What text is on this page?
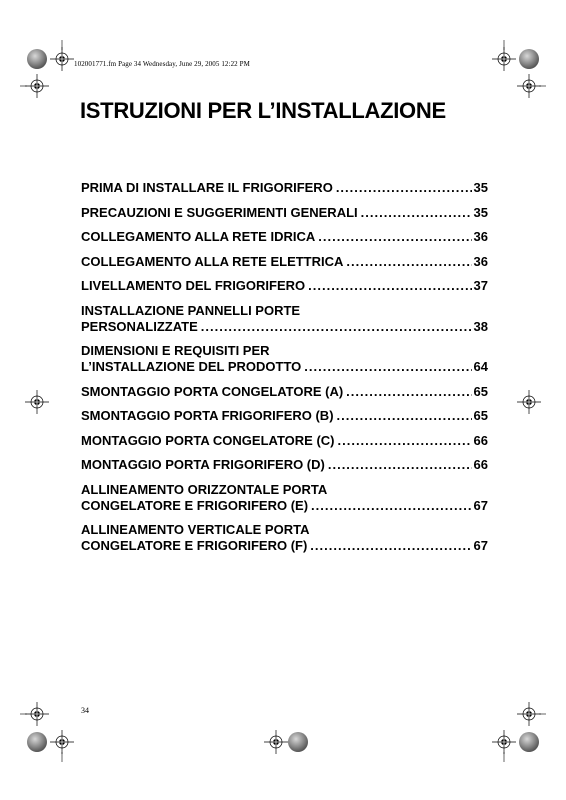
102001771.fm Page 34 Wednesday, June 29, 2005 12:22 PM
ISTRUZIONI PER L’INSTALLAZIONE
PRIMA DI INSTALLARE IL FRIGORIFERO .....	35
PRECAUZIONI E SUGGERIMENTI GENERALI .....	35
COLLEGAMENTO ALLA RETE IDRICA .....	36
COLLEGAMENTO ALLA RETE ELETTRICA .....	36
LIVELLAMENTO DEL FRIGORIFERO .....	37
INSTALLAZIONE PANNELLI PORTE
PERSONALIZZATE .....	38
DIMENSIONI E REQUISITI PER
L’INSTALLAZIONE DEL PRODOTTO .....	64
SMONTAGGIO PORTA CONGELATORE (A) .....	65
SMONTAGGIO PORTA FRIGORIFERO (B) .....	65
MONTAGGIO PORTA CONGELATORE (C) .....	66
MONTAGGIO PORTA FRIGORIFERO (D) .....	66
ALLINEAMENTO ORIZZONTALE PORTA
CONGELATORE E FRIGORIFERO (E) .....	67
ALLINEAMENTO VERTICALE PORTA
CONGELATORE E FRIGORIFERO (F) .....	67
34
